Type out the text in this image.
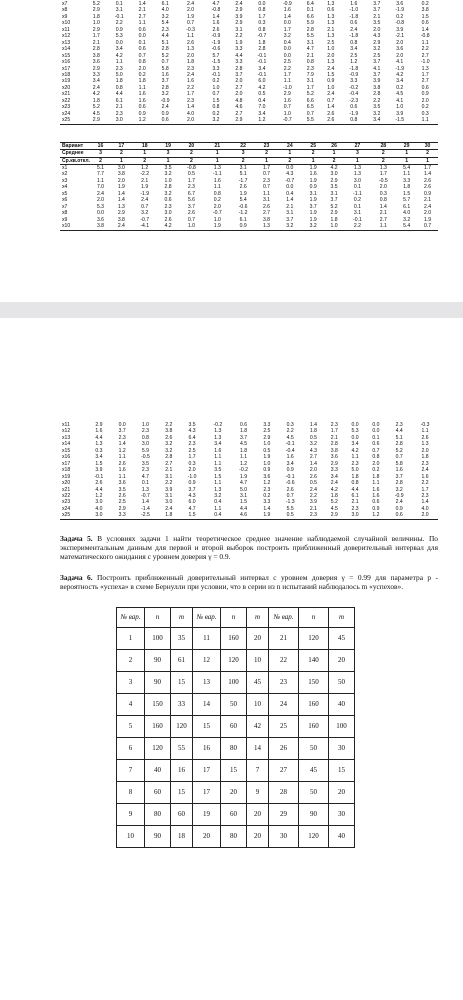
x7	5.2	0.1	1.4	6.1	2.4	4.7	2.4	0.0	-0.9	6.4	1.3	1.6	3.7	3.6	0.2
x8	2.9	3.1	2.1	4.0	2.0	-0.8	2.9	0.8	1.6	0.1	0.6	-1.0	3.7	-1.9	3.8
x9	1.8	-0.1	2.7	3.2	1.9	1.4	3.9	1.7	1.4	6.6	1.3	-1.8	2.1	0.2	1.5
x10	1.0	2.2	1.1	5.4	0.7	1.6	2.9	0.3	0.0	5.9	1.3	0.6	3.5	-0.8	0.6
x11	2.9	0.9	0.6	2.3	-0.3	2.6	3.1	0.8	1.7	2.8	2.1	2.4	2.0	3.9	1.4
x12	1.7	5.3	0.0	4.4	1.1	-0.9	2.2	-0.7	3.2	5.5	1.3	-1.8	4.3	-2.1	-0.8
x13	2.1	0.0	0.1	5.1	2.6	-1.9	1.9	1.8	0.4	3.1	2.5	0.8	2.9	2.0	1.1
x14	2.8	3.4	0.6	2.8	1.3	-0.6	3.3	2.8	0.0	4.7	1.0	3.4	3.2	3.6	2.2
x15	3.8	4.2	0.7	5.2	2.0	5.7	4.4	-0.1	0.0	2.1	2.0	2.5	2.5	2.0	2.7
x16	3.6	1.1	0.8	0.7	1.8	-1.5	3.3	-0.1	2.5	0.8	1.3	1.2	3.7	4.1	-1.0
x17	2.9	2.3	2.0	5.8	2.3	3.3	2.8	3.4	2.2	2.3	2.4	-1.8	4.1	-1.9	1.3
x18	3.3	5.0	0.2	1.6	2.4	-0.1	3.7	-0.1	1.7	7.9	1.5	-0.9	3.7	4.2	1.7
x19	3.4	1.8	1.8	3.7	1.6	0.2	2.0	6.0	1.1	3.1	0.9	3.3	3.9	3.4	2.7
x20	2.4	0.8	1.1	2.8	2.2	1.0	2.7	4.2	-1.0	1.7	1.0	-0.2	3.8	0.2	0.6
x21	4.2	4.4	1.6	3.2	1.7	0.7	2.0	0.5	2.9	5.2	2.4	-0.4	2.8	4.5	0.9
x22	1.8	6.1	1.6	-0.9	2.3	1.5	4.8	0.4	1.6	6.6	0.7	-2.3	2.2	4.1	2.0
x23	5.2	2.1	0.6	2.4	1.4	0.8	4.6	7.0	0.7	6.5	1.4	0.6	3.5	1.0	0.2
x24	4.5	2.3	0.9	0.9	4.0	0.2	2.7	3.4	1.0	0.7	2.6	-1.9	3.2	3.9	0.3
x25	2.9	3.0	1.2	0.6	2.0	3.2	2.9	1.2	-0.7	5.5	2.6	0.8	3.4	-1.5	1.1
Вариант	16	17	18	19	20	21	22	23	24	25	26	27	28	29	30
Среднее	3	2	1	3	2	1	3	2	1	2	1	3	2	1	2
Ср.кв.откл.	2	1	2	1	2	1	2	1	2	1	2	1	2	1	1
x1	5.1	3.0	1.2	3.5	-0.8	1.3	3.1	1.7	0.0	1.9	4.2	1.3	1.3	5.4	1.7
x2	7.7	3.8	-2.2	3.2	0.5	-1.1	5.1	0.7	4.3	1.6	3.0	1.3	1.7	1.1	1.4
x3	1.1	2.0	2.1	1.0	1.7	1.6	-1.7	2.3	-0.7	1.9	2.9	3.0	-0.5	3.3	2.6
x4	7.0	1.9	1.9	2.8	2.3	1.1	2.6	0.7	0.0	0.9	3.5	0.1	2.0	1.8	2.6
x5	2.4	1.4	-1.9	3.2	6.7	0.8	1.9	1.1	0.4	3.1	3.1	-1.1	0.3	1.5	0.9
x6	2.0	1.4	2.4	0.6	5.6	0.2	5.4	3.1	1.4	1.9	3.7	0.2	0.8	5.7	2.1
x7	5.3	1.3	0.7	2.3	3.7	2.0	-0.6	2.6	2.1	3.7	5.2	0.1	1.4	6.1	2.4
x8	0.0	2.9	3.2	3.0	2.6	-0.7	-1.2	2.7	3.1	1.9	2.9	3.1	2.1	4.0	2.0
x9	3.6	3.8	-0.7	2.6	0.7	1.0	6.1	3.8	3.7	1.9	1.8	-0.1	2.7	3.2	1.9
x10	3.8	2.4	-4.1	4.2	1.0	1.9	0.9	1.3	3.2	3.2	1.0	2.2	1.1	5.4	0.7
x11	2.9	0.0	1.0	2.2	3.5	-0.2	0.6	3.3	0.3	1.4	2.3	0.0	0.0	2.3	-0.3
x12	1.6	3.7	2.3	3.8	4.3	1.3	1.8	2.5	2.2	1.8	1.7	5.3	0.0	4.4	1.1
x13	4.4	2.3	0.8	2.6	6.4	1.3	3.7	2.9	4.5	0.5	2.1	0.0	0.1	5.1	2.6
x14	1.3	1.4	3.0	3.2	2.3	3.4	4.5	1.0	-0.1	3.2	2.8	3.4	0.6	2.8	1.3
x15	0.3	1.2	5.9	3.2	2.5	1.6	1.8	0.5	-0.4	4.3	3.8	4.2	0.7	5.2	2.0
x16	3.4	1.1	-0.5	2.8	1.7	1.1	1.1	1.9	1.6	2.7	3.6	1.1	0.8	0.7	1.8
x17	1.5	2.6	3.5	2.7	0.3	1.1	1.2	1.0	3.4	1.4	2.9	2.3	2.0	5.8	2.3
x18	3.9	1.6	2.3	2.1	2.0	3.5	-0.2	0.9	0.9	2.0	3.3	5.0	0.2	1.6	2.4
x19	-0.1	1.1	4.7	3.1	-1.0	1.5	1.9	3.6	-0.1	2.6	3.4	1.8	1.8	3.7	1.6
x20	2.6	3.6	0.1	2.2	0.9	1.1	4.7	1.2	-0.6	0.5	2.4	0.8	1.1	2.8	2.2
x21	4.4	3.5	1.3	3.9	3.7	1.3	5.0	2.3	2.6	2.4	4.2	4.4	1.6	3.2	1.7
x22	1.2	2.6	-0.7	3.1	4.3	3.2	3.1	0.2	0.7	2.2	1.8	6.1	1.6	-0.9	2.3
x23	3.0	2.5	1.4	3.0	6.0	0.4	1.5	3.3	-1.3	3.9	5.2	2.1	0.6	2.4	1.4
x24	4.0	2.9	-1.4	2.4	4.7	1.1	4.4	1.4	5.5	2.1	4.5	2.3	0.9	0.9	4.0
x25	3.0	3.3	-2.5	1.8	1.5	0.4	4.6	1.9	0.5	2.3	2.9	3.0	1.2	0.6	2.0

Задача 5. В условиях задачи 1 найти теоретическое среднее значение наблюдаемой случайной величины. По экспериментальным данным для первой и второй выборок построить приближенный доверительный интервал для математического ожидания с уровнем доверия γ = 0.9.

Задача 6. Построить приближенный доверительный интервал с уровнем доверия γ = 0.99 для параметра p - вероятность «успеха» в схеме Бернулли при условии, что в серии из n испытаний наблюдалось m «успехов».

№ вар.	n	m	№ вар.	n	m	№ вар.	n	m
1	100	35	11	160	20	21	120	45
2	90	61	12	120	10	22	140	20
3	90	15	13	100	45	23	150	50
4	150	33	14	50	10	24	160	40
5	160	120	15	60	42	25	160	100
6	120	55	16	80	14	26	50	30
7	40	16	17	15	7	27	45	15
8	60	15	17	20	9	28	50	20
9	80	60	19	60	20	29	90	30
10	90	18	20	80	20	30	120	40
